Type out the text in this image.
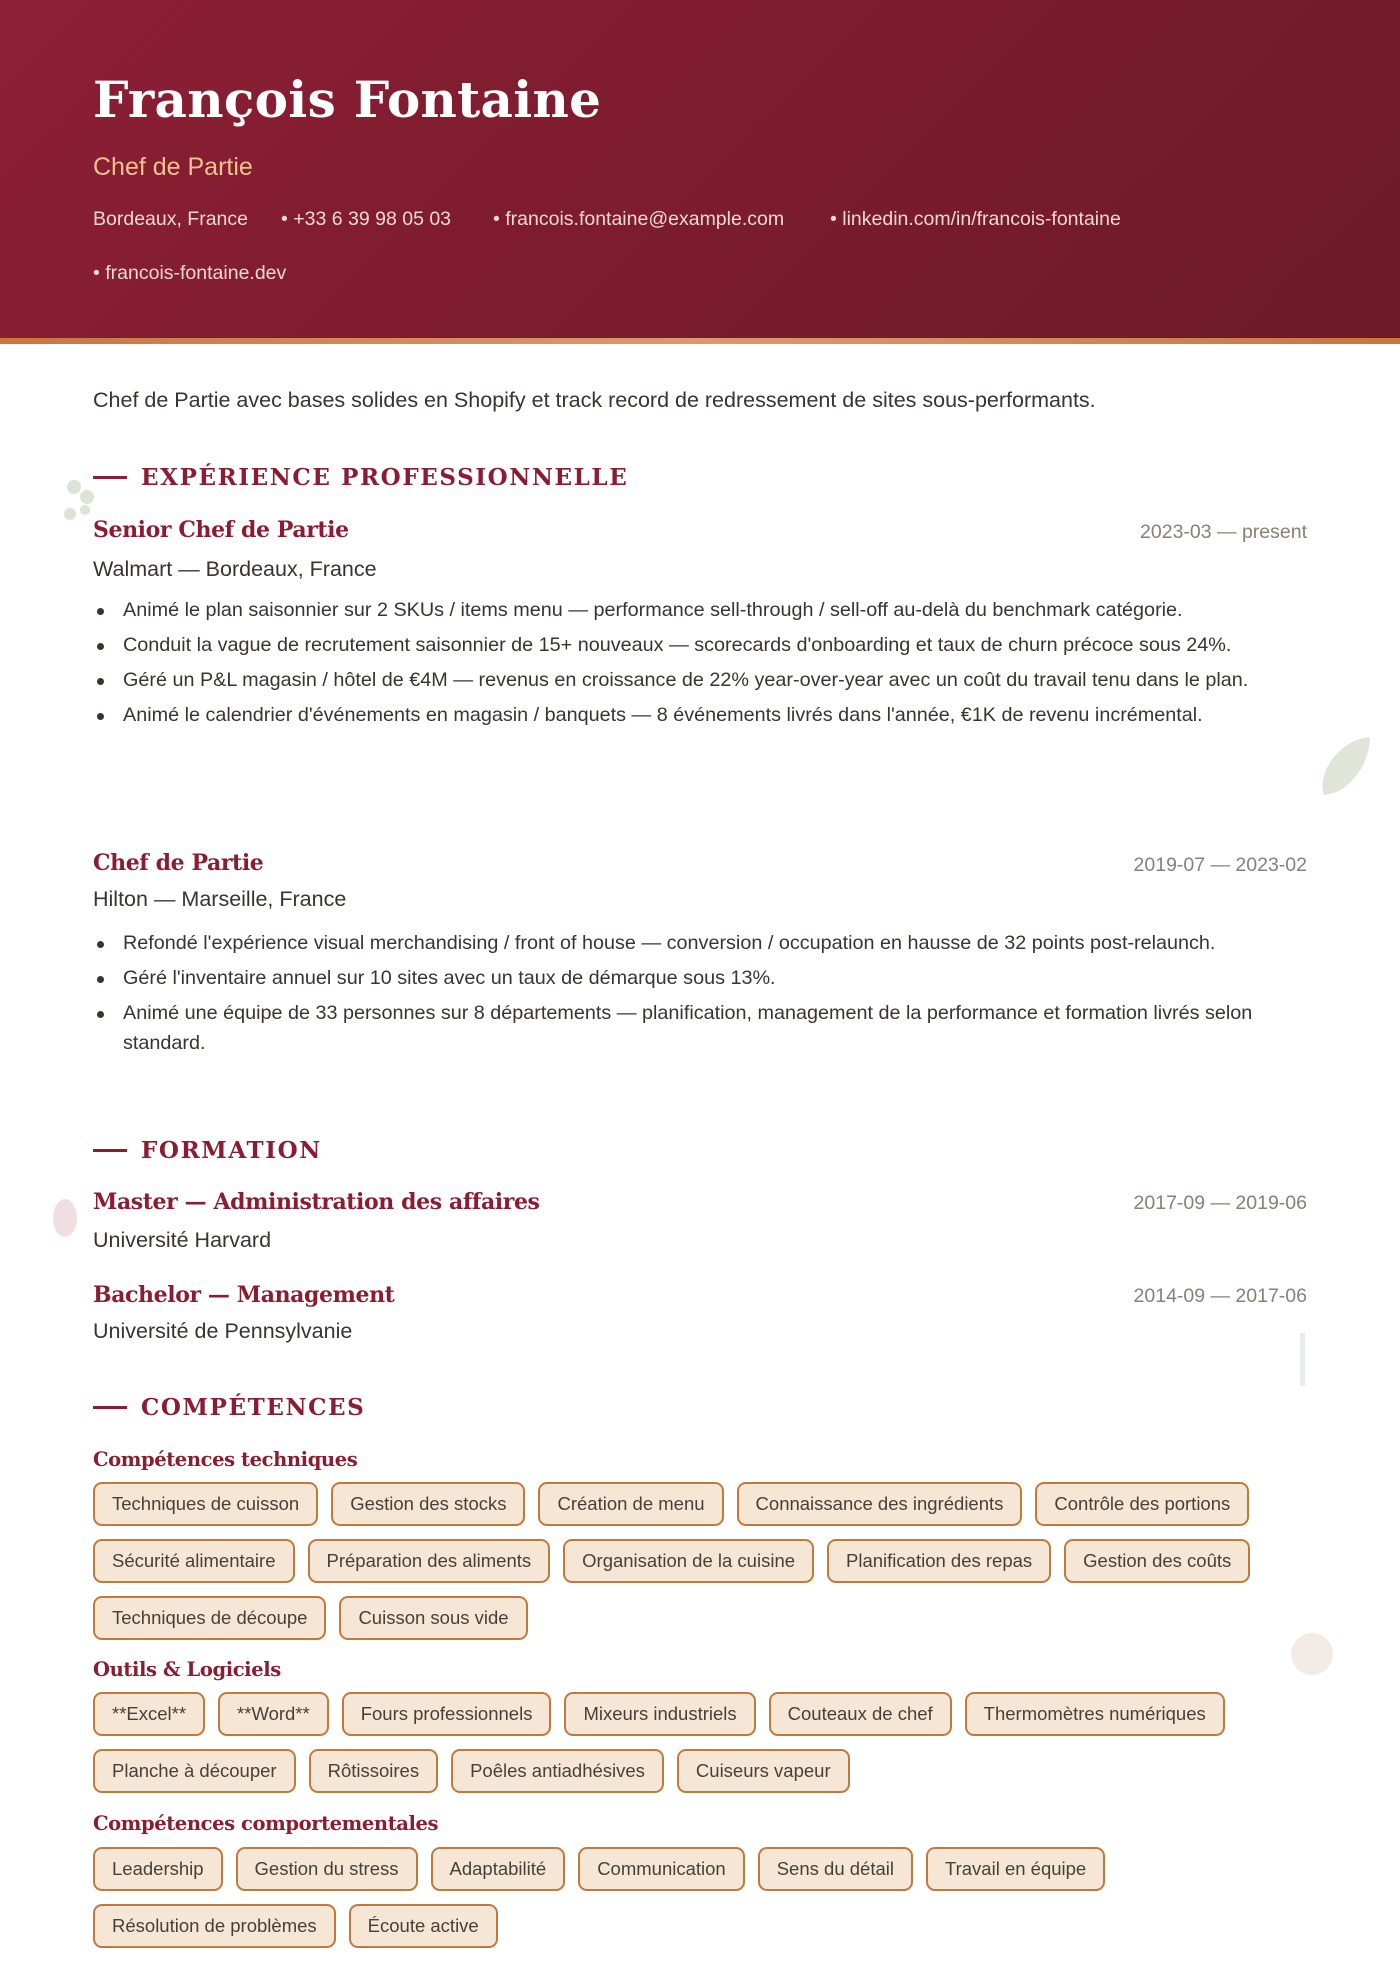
François Fontaine
Chef de Partie
Bordeaux, France • +33 6 39 98 05 03 • francois.fontaine@example.com • linkedin.com/in/francois-fontaine
• francois-fontaine.dev
Chef de Partie avec bases solides en Shopify et track record de redressement de sites sous-performants.
EXPÉRIENCE PROFESSIONNELLE
Senior Chef de Partie	2023-03 — present
Walmart — Bordeaux, France
Animé le plan saisonnier sur 2 SKUs / items menu — performance sell-through / sell-off au-delà du benchmark catégorie.
Conduit la vague de recrutement saisonnier de 15+ nouveaux — scorecards d'onboarding et taux de churn précoce sous 24%.
Géré un P&L magasin / hôtel de €4M — revenus en croissance de 22% year-over-year avec un coût du travail tenu dans le plan.
Animé le calendrier d'événements en magasin / banquets — 8 événements livrés dans l'année, €1K de revenu incrémental.
Chef de Partie	2019-07 — 2023-02
Hilton — Marseille, France
Refondé l'expérience visual merchandising / front of house — conversion / occupation en hausse de 32 points post-relaunch.
Géré l'inventaire annuel sur 10 sites avec un taux de démarque sous 13%.
Animé une équipe de 33 personnes sur 8 départements — planification, management de la performance et formation livrés selon standard.
FORMATION
Master — Administration des affaires	2017-09 — 2019-06
Université Harvard
Bachelor — Management	2014-09 — 2017-06
Université de Pennsylvanie
COMPÉTENCES
Compétences techniques
Techniques de cuisson	Gestion des stocks	Création de menu	Connaissance des ingrédients	Contrôle des portions
Sécurité alimentaire	Préparation des aliments	Organisation de la cuisine	Planification des repas	Gestion des coûts
Techniques de découpe	Cuisson sous vide
Outils & Logiciels
**Excel**	**Word**	Fours professionnels	Mixeurs industriels	Couteaux de chef	Thermomètres numériques
Planche à découper	Rôtissoires	Poêles antiadhésives	Cuiseurs vapeur
Compétences comportementales
Leadership	Gestion du stress	Adaptabilité	Communication	Sens du détail	Travail en équipe
Résolution de problèmes	Écoute active
